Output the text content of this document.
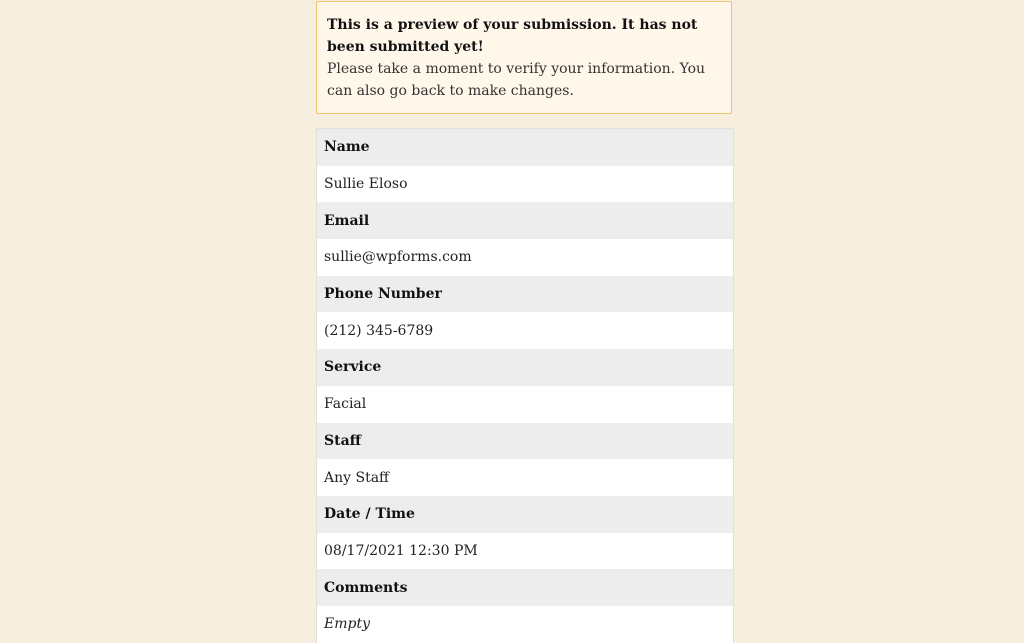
This is a preview of your submission. It has not been submitted yet!
Please take a moment to verify your information. You can also go back to make changes.
Name
Sullie Eloso
Email
sullie@wpforms.com
Phone Number
(212) 345-6789
Service
Facial
Staff
Any Staff
Date / Time
08/17/2021 12:30 PM
Comments
Empty
